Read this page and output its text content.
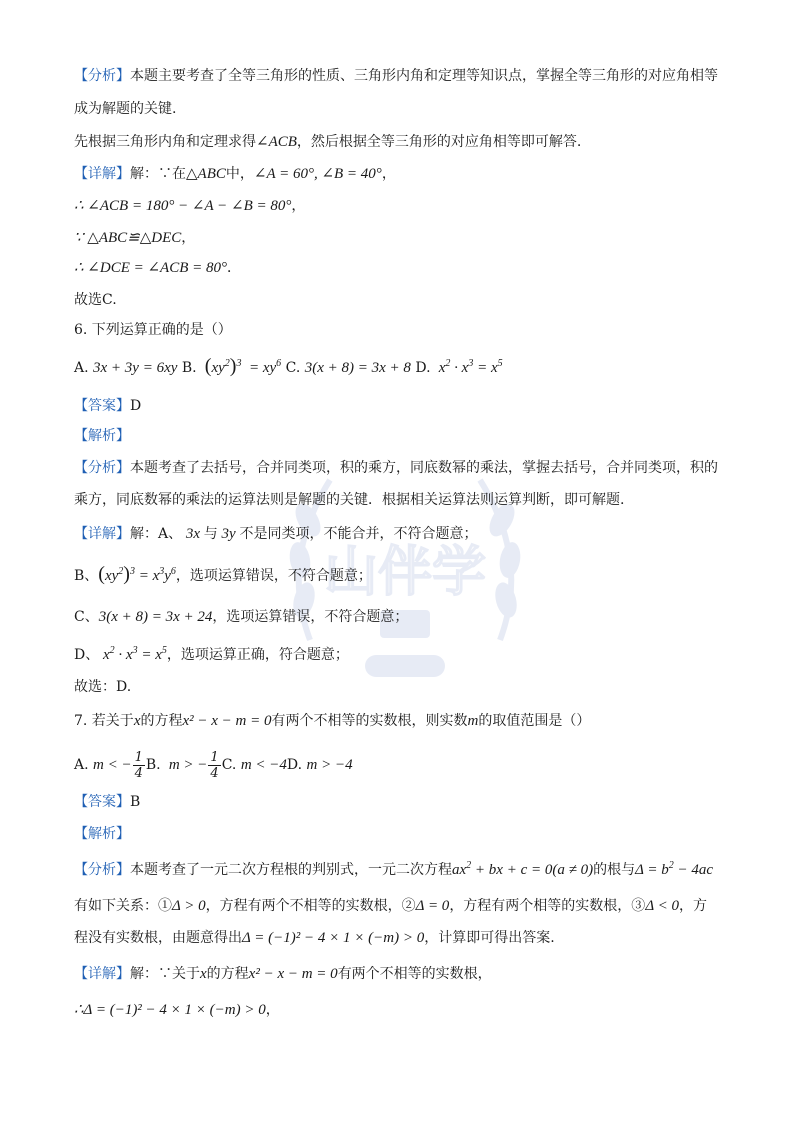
山伴学
【分析】本题主要考查了全等三角形的性质、三角形内角和定理等知识点，掌握全等三角形的对应角相等
成为解题的关键.
先根据三角形内角和定理求得∠ACB，然后根据全等三角形的对应角相等即可解答.
【详解】解：∵在△ABC中，∠A = 60°, ∠B = 40°，
∴ ∠ACB = 180° − ∠A − ∠B = 80°，
∵ △ABC≌△DEC，
∴ ∠DCE = ∠ACB = 80°．
故选C.
6. 下列运算正确的是（）
A. 3x + 3y = 6xy B. $(xy^2)^3 = xy^6$ C. 3(x + 8) = 3x + 8 D.  $x^2 \cdot x^3 = x^5$
【答案】D
【解析】
【分析】本题考查了去括号，合并同类项，积的乘方，同底数幂的乘法，掌握去括号，合并同类项，积的
乘方，同底数幂的乘法的运算法则是解题的关键．根据相关运算法则运算判断，即可解题.
【详解】解：A、 3x 与 3y 不是同类项，不能合并，不符合题意；
B、$(xy^2)^3 = x^3y^6$，选项运算错误，不符合题意；
C、3(x + 8) = 3x + 24，选项运算错误，不符合题意；
D、 $x^2 \cdot x^3 = x^5$，选项运算正确，符合题意；
故选：D.
7. 若关于x的方程x² − x − m = 0有两个不相等的实数根，则实数m的取值范围是（）
A. m < − $\frac{1}{4} B$.  m > − $\frac{1}{4} C$. m < −4D. m > −4
【答案】B
【解析】
【分析】本题考查了一元二次方程根的判别式，一元二次方程$ax^2$ + bx + c = 0(a ≠ 0)的根与$\Delta = b^2 - 4ac$
有如下关系：①Δ > 0，方程有两个不相等的实数根，②Δ = 0，方程有两个相等的实数根，③Δ < 0，方
程没有实数根，由题意得出Δ = (−1)² − 4 × 1 × (−m) > 0，计算即可得出答案.
【详解】解：∵关于x的方程x² − x − m = 0有两个不相等的实数根，
∴Δ = (−1)² − 4 × 1 × (−m) > 0，
